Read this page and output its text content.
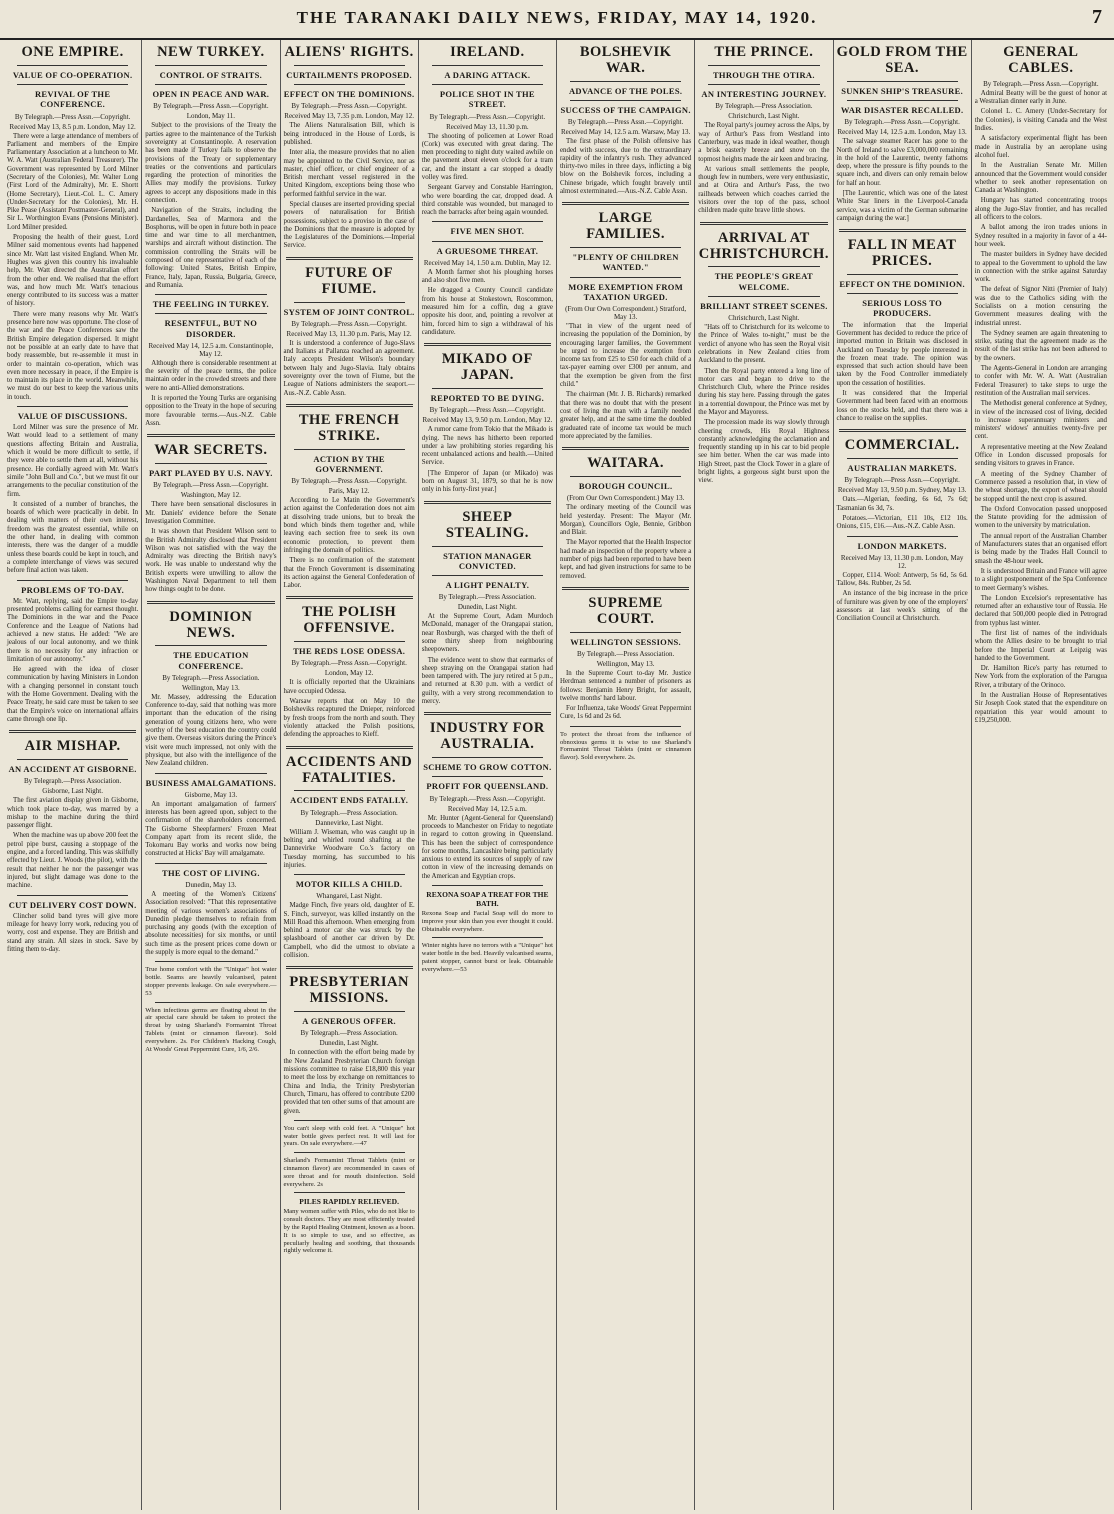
THE TARANAKI DAILY NEWS, FRIDAY, MAY 14, 1920.	7
ONE EMPIRE.
VALUE OF CO-OPERATION.
REVIVAL OF THE CONFERENCE.
By Telegraph.—Press Assn.—Copyright.
Received May 13, 8.5 p.m. London, May 12.

There were a large attendance of members of Parliament and members of the Empire Parliamentary Association at a luncheon to Mr. W. A. Watt (Australian Federal Treasurer). The Government was represented by Lord Milner (Secretary of the Colonies), Mr. Walter Long (First Lord of the Admiralty), Mr. E. Shortt (Home Secretary), Lieut.-Col. L. C. Amery (Under-Secretary for the Colonies), Mr. H. Pike Pease (Assistant Postmaster-General), and Sir L. Worthington Evans (Pensions Minister). Lord Milner presided.

Proposing the health of their guest, Lord Milner said momentous events had happened since Mr. Watt last visited England. When Mr. Hughes was given this country his invaluable help, Mr. Watt directed the Australian effort from the other end. We realised that the effort was, and how much Mr. Watt's tenacious energy contributed to its success was a matter of history.

There were many reasons why Mr. Watt's presence here now was opportune. The close of the war and the Peace Conferences saw the British Empire delegation dispersed. It might not be possible at an early date to have that body reassemble, but re-assemble it must in order to maintain co-operation, which was even more necessary in peace, if the Empire is to maintain its place in the world. Meanwhile, we must do our best to keep the various units in touch.

VALUE OF DISCUSSIONS.

Lord Milner was sure the presence of Mr. Watt would lead to a settlement of many questions affecting Britain and Australia, which it would be more difficult to settle, if they were able to settle them at all, without his presence. He cordially agreed with Mr. Watt's simile "John Bull and Co.", but we must fit our arrangements to the peculiar constitution of the firm.

It consisted of a number of branches, the boards of which were practically in debit. In dealing with matters of their own interest, freedom was the greatest essential, while on the other hand, in dealing with common interests, there was the danger of a muddle unless these boards could be kept in touch, and a complete interchange of views was secured before final action was taken.

PROBLEMS OF TO-DAY.

Mr. Watt, replying, said the Empire to-day presented problems calling for earnest thought. The Dominions in the war and the Peace Conference and the League of Nations had achieved a new status. He added: "We are jealous of our local autonomy, and we think there is no necessity for any infraction or limitation of our autonomy."

He agreed with the idea of closer communication by having Ministers in London with a changing personnel in constant touch with the Home Government. Dealing with the Peace Treaty, he said care must be taken to see that the Empire's voice on international affairs came through one lip.

AIR MISHAP.
AN ACCIDENT AT GISBORNE.
By Telegraph.—Press Association.
Gisborne, Last Night.

The first aviation display given in Gisborne, which took place to-day, was marred by a mishap to the machine during the third passenger flight.

When the machine was up above 200 feet the petrol pipe burst, causing a stoppage of the engine, and a forced landing. This was skilfully effected by Lieut. J. Woods (the pilot), with the result that neither he nor the passenger was injured, but slight damage was done to the machine.

CUT DELIVERY COST DOWN.

Clincher solid band tyres will give more mileage for heavy lorry work, reducing you of worry, cost and expense. They are British and stand any strain. All sizes in stock. Save by fitting them to-day.

NEW TURKEY.
CONTROL OF STRAITS.
OPEN IN PEACE AND WAR.
By Telegraph.—Press Assn.—Copyright.
London, May 11.

Subject to the provisions of the Treaty the parties agree to the maintenance of the Turkish sovereignty at Constantinople. A reservation has been made if Turkey fails to observe the provisions of the Treaty or supplementary treaties or the conventions and particulars regarding the protection of minorities the Allies may modify the provisions. Turkey agrees to accept any dispositions made in this connection.

Navigation of the Straits, including the Dardanelles, Sea of Marmora and the Bosphorus, will be open in future both in peace time and war time to all merchantmen, warships and aircraft without distinction. The commission controlling the Straits will be composed of one representative of each of the following: United States, British Empire, France, Italy, Japan, Russia, Bulgaria, Greece, and Rumania.

THE FEELING IN TURKEY.
RESENTFUL, BUT NO DISORDER.
Received May 14, 12.5 a.m. Constantinople, May 12.

Although there is considerable resentment at the severity of the peace terms, the police maintain order in the crowded streets and there were no anti-Allied demonstrations.

It is reported the Young Turks are organising opposition to the Treaty in the hope of securing more favourable terms.—Aus.-N.Z. Cable Assn.

WAR SECRETS.
PART PLAYED BY U.S. NAVY.
By Telegraph.—Press Assn.—Copyright.
Washington, May 12.

There have been sensational disclosures in Mr. Daniels' evidence before the Senate Investigation Committee.

It was shown that President Wilson sent to the British Admiralty disclosed that President Wilson was not satisfied with the way the Admiralty was directing the British navy's work. He was unable to understand why the British experts were unwilling to allow the Washington Naval Department to tell them how things ought to be done.

DOMINION NEWS.
THE EDUCATION CONFERENCE.
By Telegraph.—Press Association.
Wellington, May 13.

Mr. Massey, addressing the Education Conference to-day, said that nothing was more important than the education of the rising generation of young citizens here, who were worthy of the best education the country could give them. Overseas visitors during the Prince's visit were much impressed, not only with the physique, but also with the intelligence of the New Zealand children.

BUSINESS AMALGAMATIONS.
Gisborne, May 13.

An important amalgamation of farmers' interests has been agreed upon, subject to the confirmation of the shareholders concerned. The Gisborne Sheepfarmers' Frozen Meat Company apart from its recent slide, the Tokomaru Bay works and works now being constructed at Hicks' Bay will amalgamate.

THE COST OF LIVING.
Dunedin, May 13.

A meeting of the Women's Citizens' Association resolved: "That this representative meeting of various women's associations of Dunedin pledge themselves to refrain from purchasing any goods (with the exception of absolute necessities) for six months, or until such time as the present prices come down or the supply is more equal to the demand."

True home comfort with the "Unique" hot water bottle. Seams are heavily vulcanised, patent stopper prevents leakage. On sale everywhere.—53

When infectious germs are floating about in the air special care should be taken to protect the throat by using Sharland's Formamint Throat Tablets (mint or cinnamon flavour). Sold everywhere. 2s. For Children's Hacking Cough, At Woods' Great Peppermint Cure, 1/6, 2/6.

ALIENS' RIGHTS.
CURTAILMENTS PROPOSED.
EFFECT ON THE DOMINIONS.
By Telegraph.—Press Assn.—Copyright.
Received May 13, 7.35 p.m. London, May 12.

The Aliens Naturalisation Bill, which is being introduced in the House of Lords, is published.

Inter alia, the measure provides that no alien may be appointed to the Civil Service, nor as master, chief officer, or chief engineer of a British merchant vessel registered in the United Kingdom, exceptions being those who performed faithful service in the war.

Special clauses are inserted providing special powers of naturalisation for British possessions, subject to a proviso in the case of the Dominions that the measure is adopted by the Legislatures of the Dominions.—Imperial Service.

FUTURE OF FIUME.
SYSTEM OF JOINT CONTROL.
By Telegraph.—Press Assn.—Copyright.
Received May 13, 11.30 p.m. Paris, May 12.

It is understood a conference of Jugo-Slavs and Italians at Pallanza reached an agreement. Italy accepts President Wilson's boundary between Italy and Jugo-Slavia. Italy obtains sovereignty over the town of Fiume, but the League of Nations administers the seaport.—Aus.-N.Z. Cable Assn.

THE FRENCH STRIKE.
ACTION BY THE GOVERNMENT.
By Telegraph.—Press Assn.—Copyright.
Paris, May 12.

According to Le Matin the Government's action against the Confederation does not aim at dissolving trade unions, but to break the bond which binds them together and, while leaving each section free to seek its own economic protection, to prevent them infringing the domain of politics.

There is no confirmation of the statement that the French Government is disseminating its action against the General Confederation of Labor.

THE POLISH OFFENSIVE.
THE REDS LOSE ODESSA.
By Telegraph.—Press Assn.—Copyright.
London, May 12.

It is officially reported that the Ukrainians have occupied Odessa.

Warsaw reports that on May 10 the Bolsheviks recaptured the Dnieper, reinforced by fresh troops from the north and south. They violently attacked the Polish positions, defending the approaches to Kieff.

ACCIDENTS AND FATALITIES.
ACCIDENT ENDS FATALLY.
By Telegraph.—Press Association.
Dannevirke, Last Night.

William J. Wiseman, who was caught up in belting and whirled round shafting at the Dannevirke Woodware Co.'s factory on Tuesday morning, has succumbed to his injuries.

MOTOR KILLS A CHILD.
Whangarei, Last Night.

Madge Finch, five years old, daughter of E. S. Finch, surveyor, was killed instantly on the Mill Road this afternoon. When emerging from behind a motor car she was struck by the splashboard of another car driven by Dr. Campbell, who did the utmost to obviate a collision.

PRESBYTERIAN MISSIONS.
A GENEROUS OFFER.
By Telegraph.—Press Association.
Dunedin, Last Night.

In connection with the effort being made by the New Zealand Presbyterian Church foreign missions committee to raise £18,800 this year to meet the loss by exchange on remittances to China and India, the Trinity Presbyterian Church, Timaru, has offered to contribute £200 provided that ten other sums of that amount are given.

You can't sleep with cold feet. A "Unique" hot water bottle gives perfect rest. It will last for years. On sale everywhere.—47

Sharland's Formamint Throat Tablets (mint or cinnamon flavor) are recommended in cases of sore throat and for mouth disinfection. Sold everywhere. 2s

PILES RAPIDLY RELIEVED.

Many women suffer with Piles, who do not like to consult doctors. They are most efficiently treated by the Rapid Healing Ointment, known as a boon. It is so simple to use, and so effective, as peculiarly healing and soothing, that thousands rightly welcome it.

IRELAND.
A DARING ATTACK.
POLICE SHOT IN THE STREET.
By Telegraph.—Press Assn.—Copyright.
Received May 13, 11.30 p.m.

The shooting of policemen at Lower Road (Cork) was executed with great daring. The men proceeding to night duty waited awhile on the pavement about eleven o'clock for a tram car, and the instant a car stopped a deadly volley was fired.

Sergeant Garvey and Constable Harrington, who were boarding the car, dropped dead. A third constable was wounded, but managed to reach the barracks after being again wounded.

FIVE MEN SHOT.
A GRUESOME THREAT.
Received May 14, 1.50 a.m. Dublin, May 12.

A Month farmer shot his ploughing horses and also shot five men.

He dragged a County Council candidate from his house at Stokestown, Roscommon, measured him for a coffin, dug a grave opposite his door, and, pointing a revolver at him, forced him to sign a withdrawal of his candidature.

MIKADO OF JAPAN.
REPORTED TO BE DYING.
By Telegraph.—Press Assn.—Copyright.
Received May 13, 9.50 p.m. London, May 12.

A rumor came from Tokio that the Mikado is dying. The news has hitherto been reported under a law prohibiting stories regarding his recent unbalanced actions and health.—United Service.

[The Emperor of Japan (or Mikado) was born on August 31, 1879, so that he is now only in his forty-first year.]

SHEEP STEALING.
STATION MANAGER CONVICTED.
A LIGHT PENALTY.
By Telegraph.—Press Association.
Dunedin, Last Night.

At the Supreme Court, Adam Murdoch McDonald, manager of the Orangapai station, near Roxburgh, was charged with the theft of some thirty sheep from neighbouring sheepowners.

The evidence went to show that earmarks of sheep straying on the Orangapai station had been tampered with. The jury retired at 5 p.m., and returned at 8.30 p.m. with a verdict of guilty, with a very strong recommendation to mercy.

INDUSTRY FOR AUSTRALIA.
SCHEME TO GROW COTTON.
PROFIT FOR QUEENSLAND.
By Telegraph.—Press Assn.—Copyright.
Received May 14, 12.5 a.m.

Mr. Hunter (Agent-General for Queensland) proceeds to Manchester on Friday to negotiate in regard to cotton growing in Queensland. This has been the subject of correspondence for some months, Lancashire being particularly anxious to extend its sources of supply of raw cotton in view of the increasing demands on the American and Egyptian crops.

REXONA SOAP A TREAT FOR THE BATH.

Rexona Soap and Facial Soap will do more to improve your skin than you ever thought it could. Obtainable everywhere.

Winter nights have no terrors with a "Unique" hot water bottle in the bed. Heavily vulcanised seams, patent stopper, cannot burst or leak. Obtainable everywhere.—53

BOLSHEVIK WAR.
ADVANCE OF THE POLES.
SUCCESS OF THE CAMPAIGN.
By Telegraph.—Press Assn.—Copyright.
Received May 14, 12.5 a.m. Warsaw, May 13.

The first phase of the Polish offensive has ended with success, due to the extraordinary rapidity of the infantry's rush. They advanced thirty-two miles in three days, inflicting a big blow on the Bolshevik forces, including a Chinese brigade, which fought bravely until almost exterminated.—Aus.-N.Z. Cable Assn.

LARGE FAMILIES.
"PLENTY OF CHILDREN WANTED."
MORE EXEMPTION FROM TAXATION URGED.
(From Our Own Correspondent.) Stratford, May 13.

"That in view of the urgent need of increasing the population of the Dominion, by encouraging larger families, the Government be urged to increase the exemption from income tax from £25 to £50 for each child of a tax-payer earning over £300 per annum, and that the exemption be given from the first child."

The chairman (Mr. J. B. Richards) remarked that there was no doubt that with the present cost of living the man with a family needed greater help, and at the same time the doubled graduated rate of income tax would be much more appreciated by the families.

WAITARA.
BOROUGH COUNCIL.
(From Our Own Correspondent.) May 13.

The ordinary meeting of the Council was held yesterday. Present: The Mayor (Mr. Morgan), Councillors Ogle, Bennie, Gribbon and Blair.

The Mayor reported that the Health Inspector had made an inspection of the property where a number of pigs had been reported to have been kept, and had given instructions for same to be removed.

SUPREME COURT.
WELLINGTON SESSIONS.
By Telegraph.—Press Association.
Wellington, May 13.

In the Supreme Court to-day Mr. Justice Herdman sentenced a number of prisoners as follows: Benjamin Henry Bright, for assault, twelve months' hard labour.

For Influenza, take Woods' Great Peppermint Cure, 1s 6d and 2s 6d.

To protect the throat from the influence of obnoxious germs it is wise to use Sharland's Formamint Throat Tablets (mint or cinnamon flavor). Sold everywhere. 2s.

THE PRINCE.
THROUGH THE OTIRA.
AN INTERESTING JOURNEY.
By Telegraph.—Press Association.
Christchurch, Last Night.

The Royal party's journey across the Alps, by way of Arthur's Pass from Westland into Canterbury, was made in ideal weather, though a brisk easterly breeze and snow on the topmost heights made the air keen and bracing.

At various small settlements the people, though few in numbers, were very enthusiastic, and at Otira and Arthur's Pass, the two railheads between which coaches carried the visitors over the top of the pass, school children made quite brave little shows.

ARRIVAL AT CHRISTCHURCH.
THE PEOPLE'S GREAT WELCOME.
BRILLIANT STREET SCENES.
Christchurch, Last Night.

"Hats off to Christchurch for its welcome to the Prince of Wales to-night," must be the verdict of anyone who has seen the Royal visit celebrations in New Zealand cities from Auckland to the present.

Then the Royal party entered a long line of motor cars and began to drive to the Christchurch Club, where the Prince resides during his stay here. Passing through the gates in a torrential downpour, the Prince was met by the Mayor and Mayoress.

The procession made its way slowly through cheering crowds, His Royal Highness constantly acknowledging the acclamation and frequently standing up in his car to bid people see him better. When the car was made into High Street, past the Clock Tower in a glare of bright lights, a gorgeous sight burst upon the view.

GOLD FROM THE SEA.
SUNKEN SHIP'S TREASURE.
WAR DISASTER RECALLED.
By Telegraph.—Press Assn.—Copyright.
Received May 14, 12.5 a.m. London, May 13.

The salvage steamer Racer has gone to the North of Ireland to salve £3,000,000 remaining in the hold of the Laurentic, twenty fathoms deep, where the pressure is fifty pounds to the square inch, and divers can only remain below for half an hour.

[The Laurentic, which was one of the latest White Star liners in the Liverpool-Canada service, was a victim of the German submarine campaign during the war.]

FALL IN MEAT PRICES.
EFFECT ON THE DOMINION.
SERIOUS LOSS TO PRODUCERS.

The information that the Imperial Government has decided to reduce the price of imported mutton in Britain was disclosed in Auckland on Tuesday by people interested in the frozen meat trade. The opinion was expressed that such action should have been taken by the Food Controller immediately upon the cessation of hostilities.

It was considered that the Imperial Government had been faced with an enormous loss on the stocks held, and that there was a chance to realise on the supplies.

COMMERCIAL.
AUSTRALIAN MARKETS.
By Telegraph.—Press Assn.—Copyright.
Received May 13, 9.50 p.m. Sydney, May 13.

Oats.—Algerian, feeding, 6s 6d, 7s 6d; Tasmanian 6s 3d, 7s.

Potatoes.—Victorian, £11 10s, £12 10s. Onions, £15, £16.—Aus.-N.Z. Cable Assn.

LONDON MARKETS.
Received May 13, 11.30 p.m. London, May 12.

Copper, £114. Wool: Antwerp, 5s 6d, 5s 6d. Tallow, 84s. Rubber, 2s 5d.

An instance of the big increase in the price of furniture was given by one of the employers' assessors at last week's sitting of the Conciliation Council at Christchurch.

GENERAL CABLES.
By Telegraph.—Press Assn.—Copyright.

Admiral Beatty will be the guest of honor at a Westralian dinner early in June.

Colonel L. C. Amery (Under-Secretary for the Colonies), is visiting Canada and the West Indies.

A satisfactory experimental flight has been made in Australia by an aeroplane using alcohol fuel.

In the Australian Senate Mr. Millen announced that the Government would consider whether to seek another representation on Canada at Washington.

Hungary has started concentrating troops along the Jugo-Slav frontier, and has recalled all officers to the colors.

A ballot among the iron trades unions in Sydney resulted in a majority in favor of a 44-hour week.

The master builders in Sydney have decided to appeal to the Government to uphold the law in connection with the strike against Saturday work.

The defeat of Signor Nitti (Premier of Italy) was due to the Catholics siding with the Socialists on a motion censuring the Government measures dealing with the industrial unrest.

The Sydney seamen are again threatening to strike, stating that the agreement made as the result of the last strike has not been adhered to by the owners.

The Agents-General in London are arranging to confer with Mr. W. A. Watt (Australian Federal Treasurer) to take steps to urge the restitution of the Australian mail services.

The Methodist general conference at Sydney, in view of the increased cost of living, decided to increase superannuary ministers and ministers' widows' annuities twenty-five per cent.

A representative meeting at the New Zealand Office in London discussed proposals for sending visitors to graves in France.

A meeting of the Sydney Chamber of Commerce passed a resolution that, in view of the wheat shortage, the export of wheat should be stopped until the next crop is assured.

The Oxford Convocation passed unopposed the Statute providing for the admission of women to the university by matriculation.

The annual report of the Australian Chamber of Manufacturers states that an organised effort is being made by the Trades Hall Council to smash the 48-hour week.

It is understood Britain and France will agree to a slight postponement of the Spa Conference to meet Germany's wishes.

The London Excelsior's representative has returned after an exhaustive tour of Russia. He declared that 500,000 people died in Petrograd from typhus last winter.

The first list of names of the individuals whom the Allies desire to be brought to trial before the Imperial Court at Leipzig was handed to the Government.

Dr. Hamilton Rice's party has returned to New York from the exploration of the Parugua River, a tributary of the Orinoco.

In the Australian House of Representatives Sir Joseph Cook stated that the expenditure on repatriation this year would amount to £19,250,000.
